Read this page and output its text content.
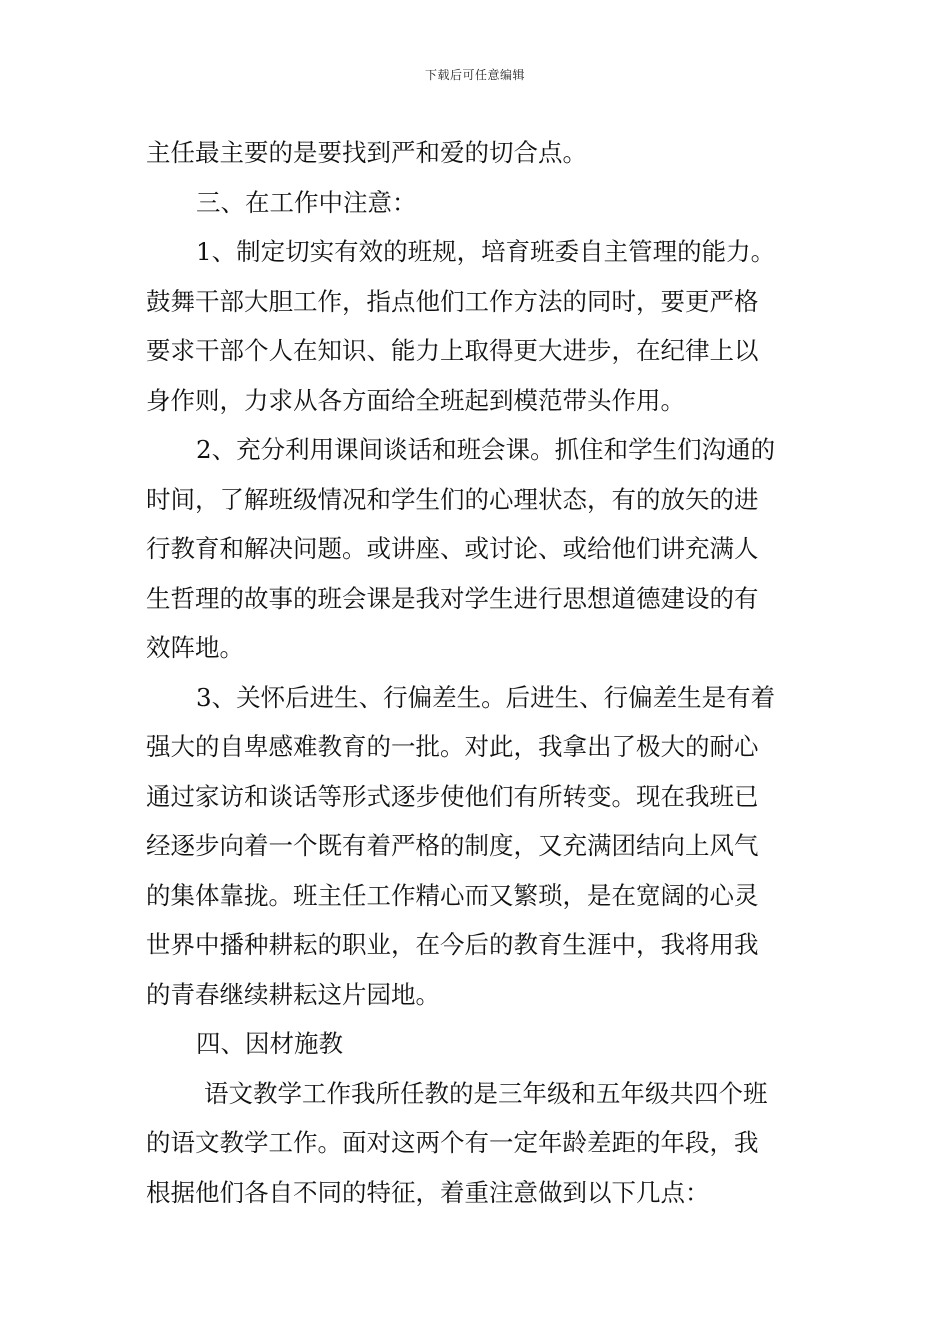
下载后可任意编辑
主任最主要的是要找到严和爱的切合点。
三、在工作中注意：
1、制定切实有效的班规，培育班委自主管理的能力。
鼓舞干部大胆工作，指点他们工作方法的同时，要更严格
要求干部个人在知识、能力上取得更大进步，在纪律上以
身作则，力求从各方面给全班起到模范带头作用。
2、充分利用课间谈话和班会课。抓住和学生们沟通的
时间，了解班级情况和学生们的心理状态，有的放矢的进
行教育和解决问题。或讲座、或讨论、或给他们讲充满人
生哲理的故事的班会课是我对学生进行思想道德建设的有
效阵地。
3、关怀后进生、行偏差生。后进生、行偏差生是有着
强大的自卑感难教育的一批。对此，我拿出了极大的耐心
通过家访和谈话等形式逐步使他们有所转变。现在我班已
经逐步向着一个既有着严格的制度，又充满团结向上风气
的集体靠拢。班主任工作精心而又繁琐，是在宽阔的心灵
世界中播种耕耘的职业，在今后的教育生涯中，我将用我
的青春继续耕耘这片园地。
四、因材施教
语文教学工作我所任教的是三年级和五年级共四个班
的语文教学工作。面对这两个有一定年龄差距的年段，我
根据他们各自不同的特征，着重注意做到以下几点：
